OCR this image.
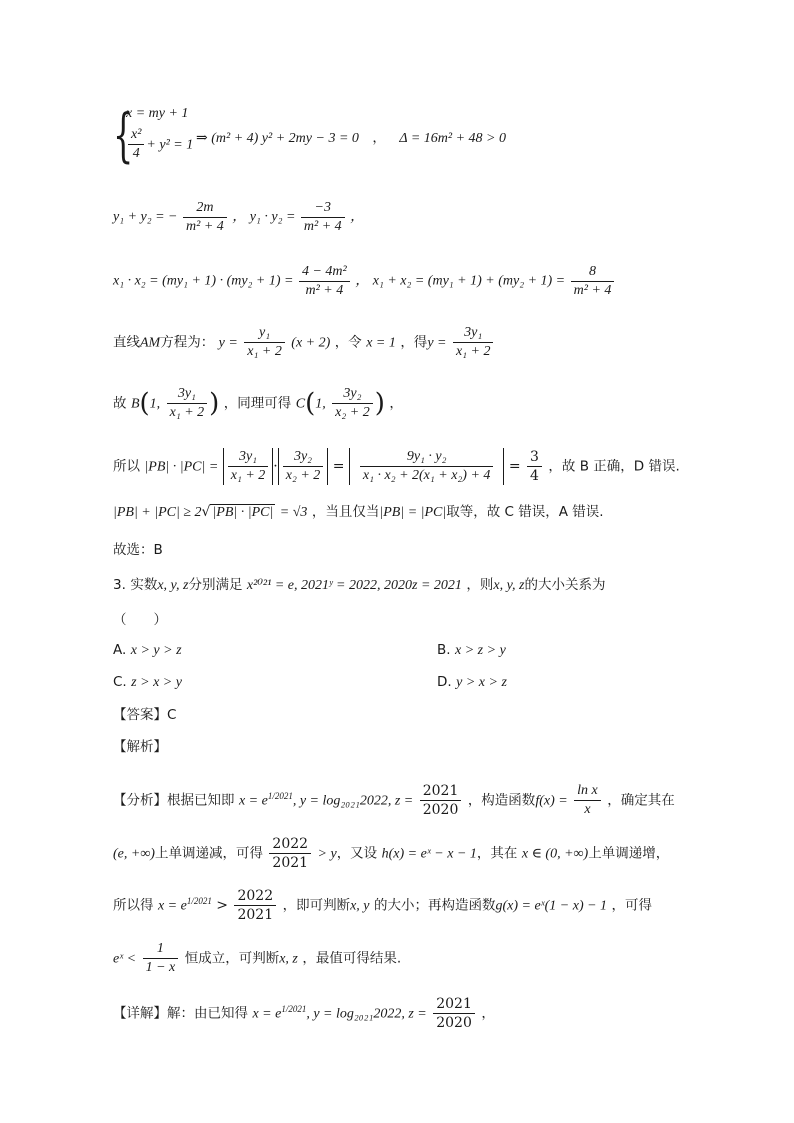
{
x = my + 1
$\frac{\text{x²}}{4} + y^2 = 1$ ⇒ (m² + 4) y² + 2my − 3 = 0 ， Δ = 16m² + 48 > 0
y₁ + y₂ = − $\frac{2m}{\text{m² + 4}}$ ， $y_1 \cdot y_2 = \frac{-3}{\text{m² + 4}}$ ，
$x_1 \cdot x_2 = (my_1 + 1) \cdot (my_2 + 1) = \frac{\text{4 − 4m²}}{\text{m² + 4}}$ ， $x_1 + x_2 = (my_1 + 1) + (my_2 + 1) = \frac{8}{\text{m² + 4}}$
直线AM方程为： $y = \frac{\text{y₁}}{\text{x₁ + 2}} (x + 2)$ ，令 x = 1 ，得$y = \frac{\text{3y₁}}{\text{x₁ + 2}}$
故 B(1, $\frac{\text{3y₁}}{\text{x₁ + 2}}$ ) ，同理可得 C(1, $\frac{\text{3y₂}}{\text{x₂ + 2}}$ ) ，
所以 $|PB| \cdot |PC| = \frac{\text{3y₁}}{\text{x₁ + 2}} \cdot \frac{\text{3y₂}}{\text{x₂ + 2}} = \frac{\text{9y₁ · y₂}}{\text{x₁ · x₂ + 2(x₁ + x₂) + 4}} = \frac{3}{4}$ ，故 B 正确，D 错误.
|PB| + |PC| ≥ 2√ |PB| · |PC| = √3 ，当且仅当|PB| = |PC|取等，故 C 错误，A 错误.
故选：B
3. 实数x, y, z分别满足 x²⁰²¹ = e, 2021ʸ = 2022, 2020z = 2021 ，则x, y, z的大小关系为
（　　）
A. x > y > z	B. x > z > y
C. z > x > y	D. y > x > z
【答案】C
【解析】
【分析】根据已知即 $x = e^{1/2021}$, y = log₂₀₂₁2022, $z = \frac{2021}{2020}$ ，构造函数$f(x) = \frac{\text{ln x}}{x}$ ，确定其在
(e, +∞)上单调递减，可得 $\frac{2022}{2021} > y$，又设 h(x) = eˣ − x − 1，其在 x ∈ (0, +∞)上单调递增，
所以得 $x = e^{1/2021} > \frac{2022}{2021}$ ，即可判断x, y 的大小；再构造函数g(x) = eˣ(1 − x) − 1 ，可得
eˣ < $\frac{1}{1 - x}$ 恒成立，可判断x, z ，最值可得结果.
【详解】解：由已知得 $x = e^{1/2021}$, y = log₂₀₂₁2022, $z = \frac{2021}{2020}$ ，
